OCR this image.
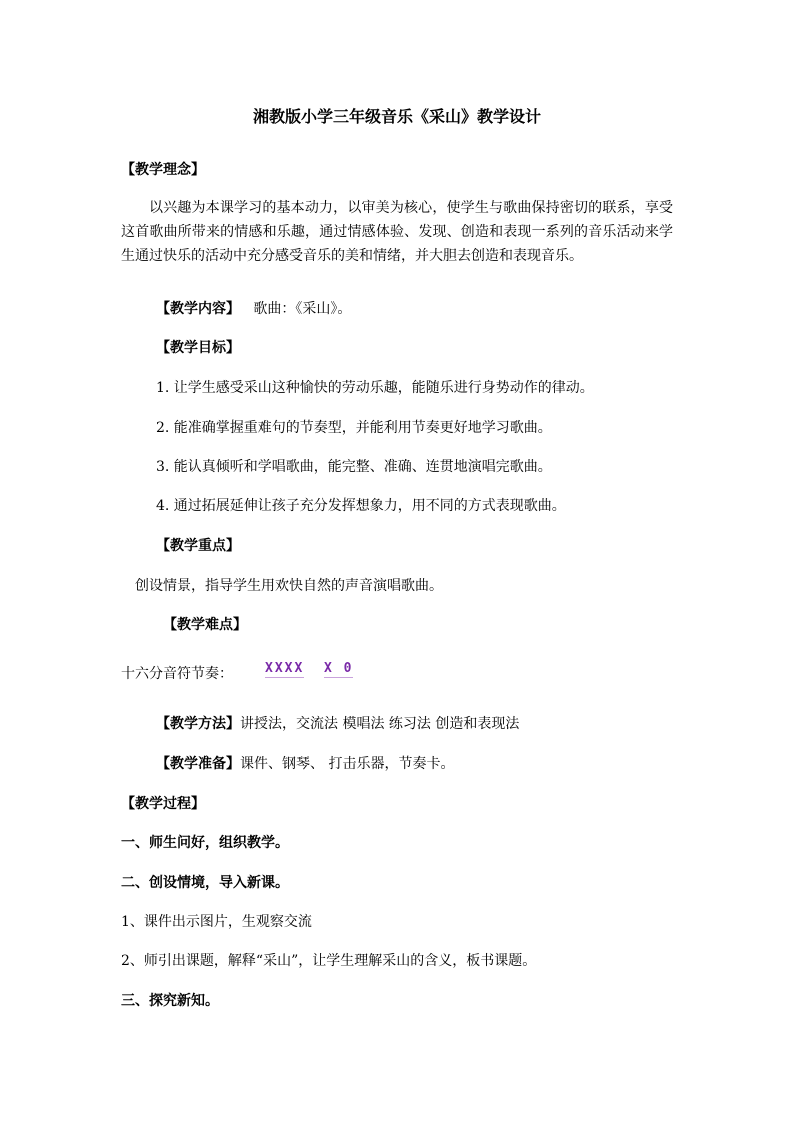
湘教版小学三年级音乐《采山》教学设计
【教学理念】
以兴趣为本课学习的基本动力，以审美为核心，使学生与歌曲保持密切的联系，享受这首歌曲所带来的情感和乐趣，通过情感体验、发现、创造和表现一系列的音乐活动来学生通过快乐的活动中充分感受音乐的美和情绪，并大胆去创造和表现音乐。
【教学内容】 歌曲：《采山》。
【教学目标】
1. 让学生感受采山这种愉快的劳动乐趣，能随乐进行身势动作的律动。
2. 能准确掌握重难句的节奏型，并能利用节奏更好地学习歌曲。
3. 能认真倾听和学唱歌曲，能完整、准确、连贯地演唱完歌曲。
4. 通过拓展延伸让孩子充分发挥想象力，用不同的方式表现歌曲。
【教学重点】
创设情景，指导学生用欢快自然的声音演唱歌曲。
【教学难点】
十六分音符节奏： XXXX X 0
【教学方法】讲授法，交流法 模唱法 练习法 创造和表现法
【教学准备】课件、钢琴、 打击乐器，节奏卡。
【教学过程】
一、师生问好，组织教学。
二、创设情境，导入新课。
1、课件出示图片，生观察交流
2、师引出课题，解释“采山”，让学生理解采山的含义，板书课题。
三、探究新知。
